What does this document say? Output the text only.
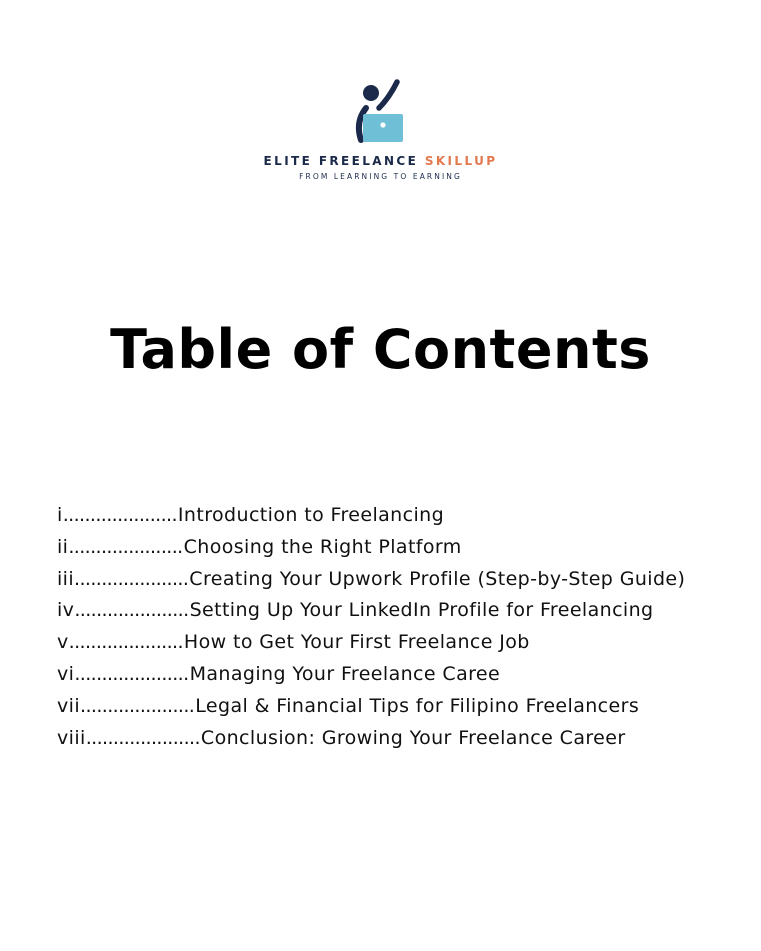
ELITE FREELANCE SKILLUP
FROM LEARNING TO EARNING
Table of Contents
i.....................Introduction to Freelancing
ii.....................Choosing the Right Platform
iii.....................Creating Your Upwork Profile (Step-by-Step Guide)
iv.....................Setting Up Your LinkedIn Profile for Freelancing
v.....................How to Get Your First Freelance Job
vi.....................Managing Your Freelance Caree
vii.....................Legal & Financial Tips for Filipino Freelancers
viii.....................Conclusion: Growing Your Freelance Career
